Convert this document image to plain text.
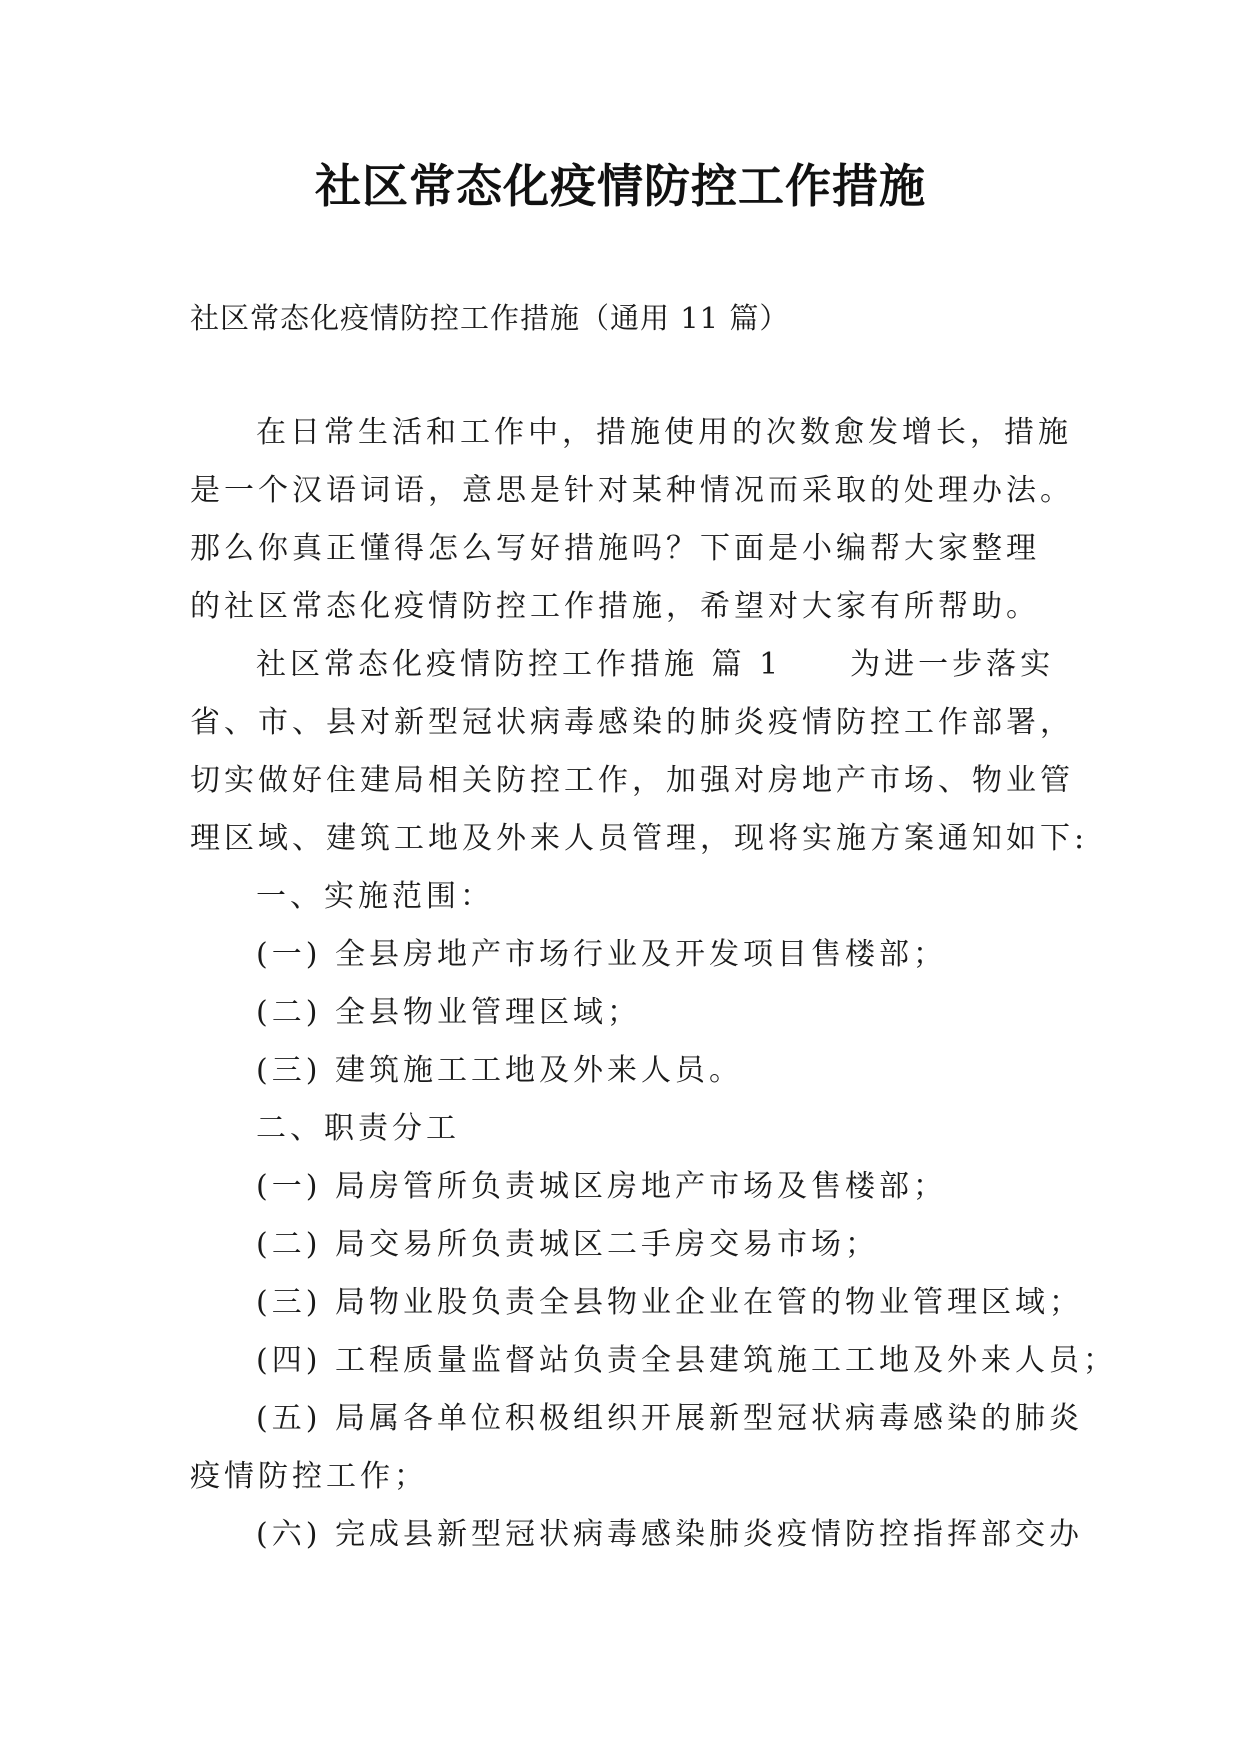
社区常态化疫情防控工作措施
社区常态化疫情防控工作措施（通用 11 篇）
在日常生活和工作中，措施使用的次数愈发增长，措施
是一个汉语词语，意思是针对某种情况而采取的处理办法。
那么你真正懂得怎么写好措施吗？下面是小编帮大家整理
的社区常态化疫情防控工作措施，希望对大家有所帮助。
社区常态化疫情防控工作措施 篇 1　　为进一步落实
省、市、县对新型冠状病毒感染的肺炎疫情防控工作部署，
切实做好住建局相关防控工作，加强对房地产市场、物业管
理区域、建筑工地及外来人员管理，现将实施方案通知如下:
一、实施范围：
(一) 全县房地产市场行业及开发项目售楼部；
(二) 全县物业管理区域；
(三) 建筑施工工地及外来人员。
二、职责分工
(一) 局房管所负责城区房地产市场及售楼部；
(二) 局交易所负责城区二手房交易市场；
(三) 局物业股负责全县物业企业在管的物业管理区域；
(四) 工程质量监督站负责全县建筑施工工地及外来人员；
(五) 局属各单位积极组织开展新型冠状病毒感染的肺炎
疫情防控工作；
(六) 完成县新型冠状病毒感染肺炎疫情防控指挥部交办
